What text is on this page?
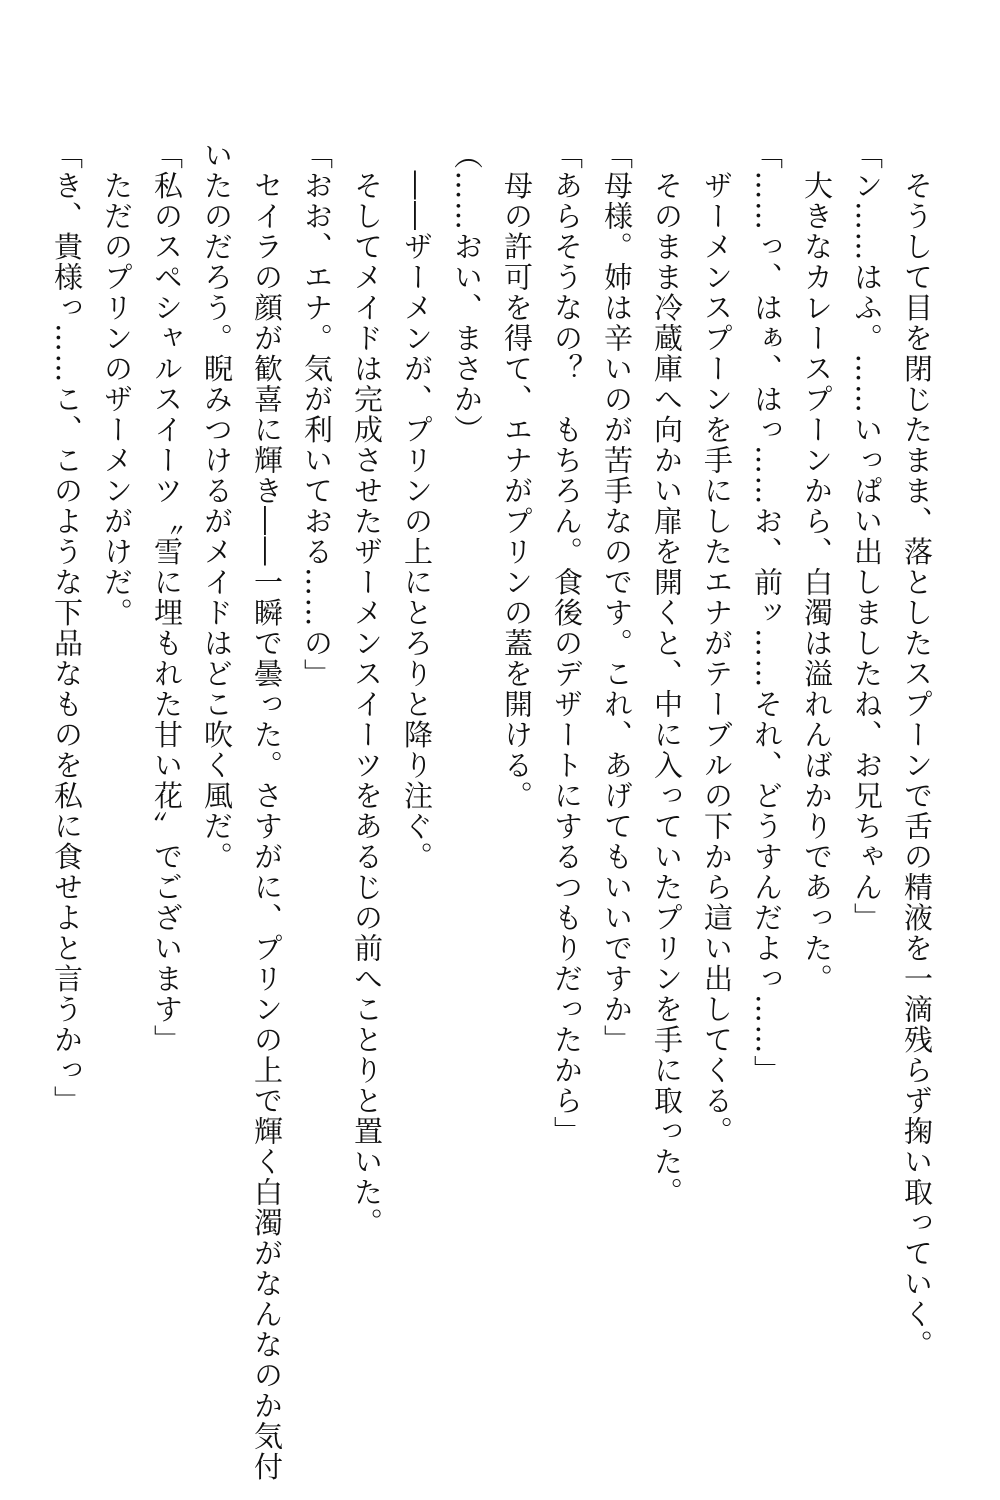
　そうして目を閉じたまま、落としたスプーンで舌の精液を一滴残らず掬い取っていく。
「ン……はふ。……いっぱい出しましたね、お兄ちゃん」
　大きなカレースプーンから、白濁は溢れんばかりであった。
「……っ、はぁ、はっ……お、前ッ……それ、どうすんだよっ……」
　ザーメンスプーンを手にしたエナがテーブルの下から這い出してくる。
　そのまま冷蔵庫へ向かい扉を開くと、中に入っていたプリンを手に取った。
「母様。姉は辛いのが苦手なのです。これ、あげてもいいですか」
「あらそうなの？　もちろん。食後のデザートにするつもりだったから」
　母の許可を得て、エナがプリンの蓋を開ける。
（……おい、まさか）
　――ザーメンが、プリンの上にとろりと降り注ぐ。
　そしてメイドは完成させたザーメンスイーツをあるじの前へことりと置いた。
「おお、エナ。気が利いておる……の」
　セイラの顔が歓喜に輝き――一瞬で曇った。さすがに、プリンの上で輝く白濁がなんなのか気付
いたのだろう。睨みつけるがメイドはどこ吹く風だ。
「私のスペシャルスイーツ〝雪に埋もれた甘い花〟でございます」
　ただのプリンのザーメンがけだ。
「き、貴様っ……こ、このような下品なものを私に食せよと言うかっ」
